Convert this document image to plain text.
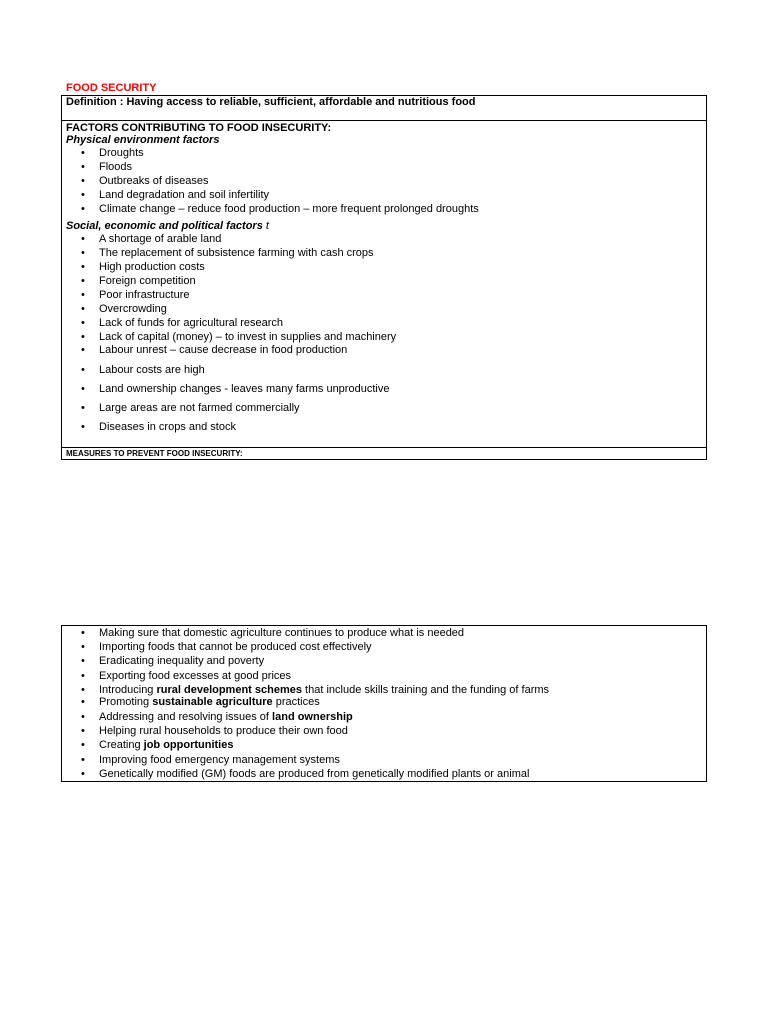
FOOD SECURITY
Definition : Having access to reliable, sufficient, affordable and nutritious food
FACTORS CONTRIBUTING TO FOOD INSECURITY:
Physical environment factors
• Droughts
• Floods
• Outbreaks of diseases
• Land degradation and soil infertility
• Climate change – reduce food production – more frequent prolonged droughts
Social, economic and political factors t
• A shortage of arable land
• The replacement of subsistence farming with cash crops
• High production costs
• Foreign competition
• Poor infrastructure
• Overcrowding
• Lack of funds for agricultural research
• Lack of capital (money) – to invest in supplies and machinery
• Labour unrest – cause decrease in food production
• Labour costs are high
• Land ownership changes - leaves many farms unproductive
• Large areas are not farmed commercially
• Diseases in crops and stock
MEASURES TO PREVENT FOOD INSECURITY:
• Making sure that domestic agriculture continues to produce what is needed
• Importing foods that cannot be produced cost effectively
• Eradicating inequality and poverty
• Exporting food excesses at good prices
• Introducing rural development schemes that include skills training and the funding of farms
• Promoting sustainable agriculture practices
• Addressing and resolving issues of land ownership
• Helping rural households to produce their own food
• Creating job opportunities
• Improving food emergency management systems
• Genetically modified (GM) foods are produced from genetically modified plants or animal
